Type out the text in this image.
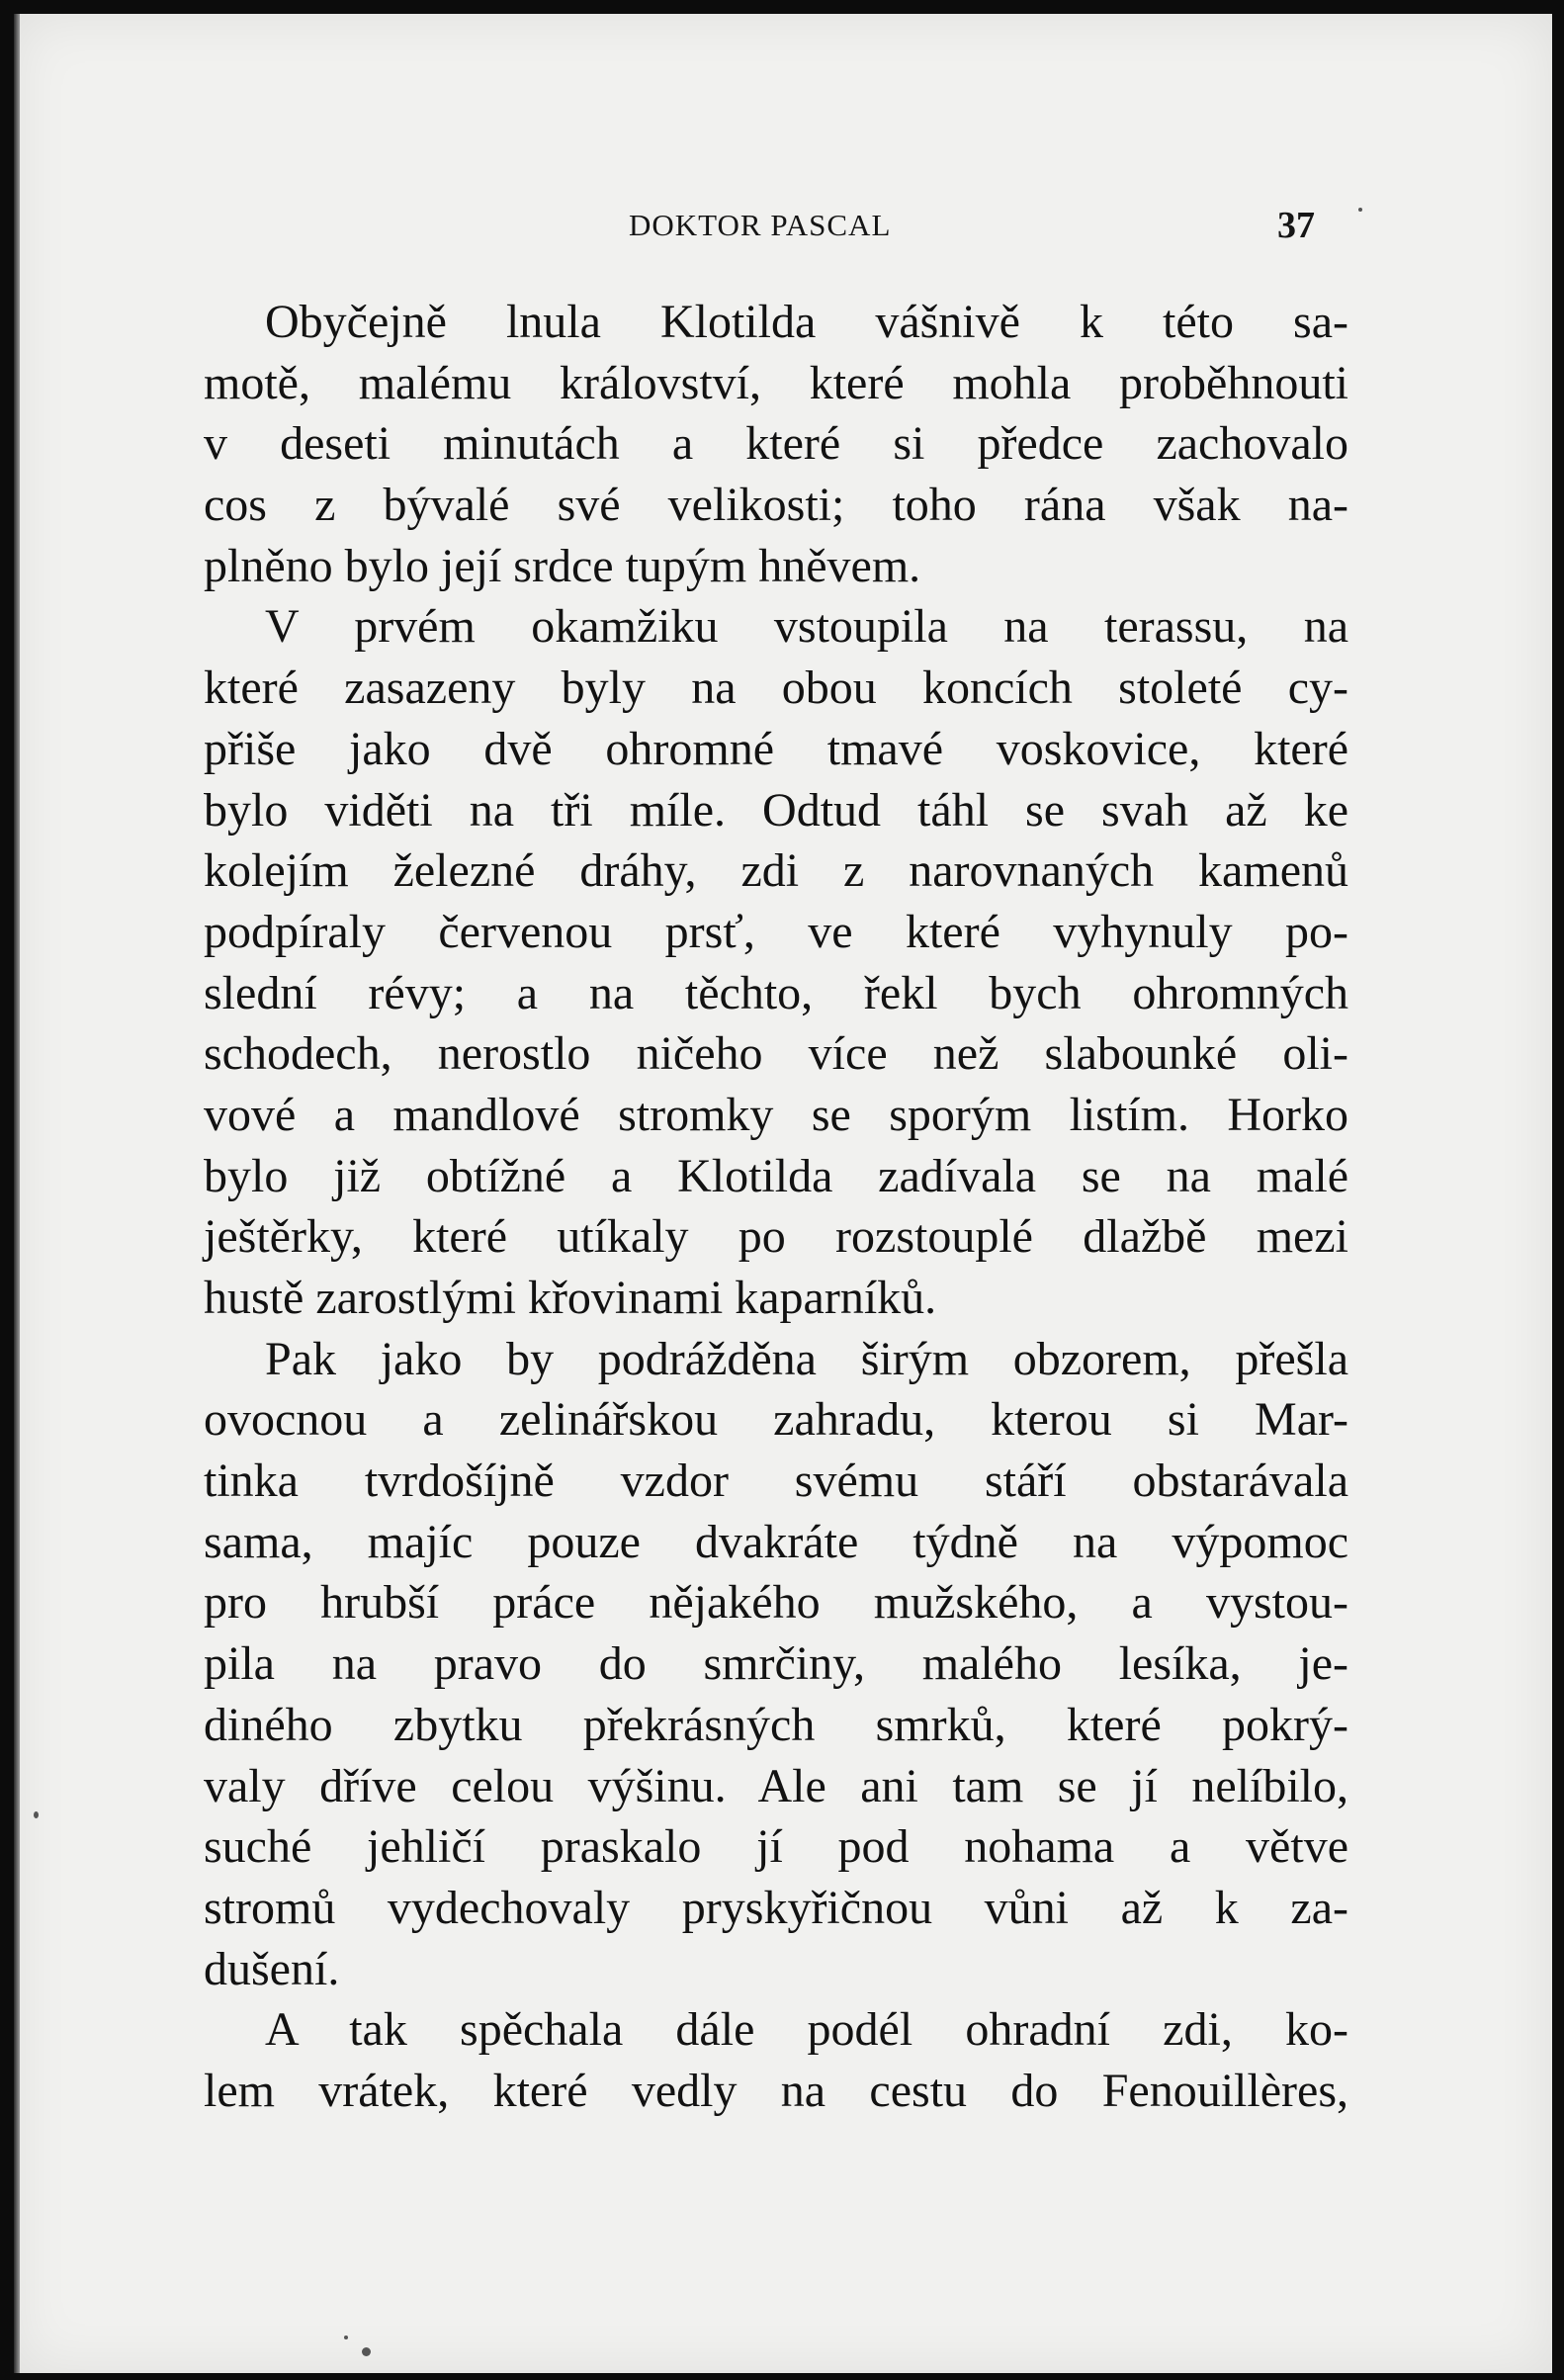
DOKTOR PASCAL	37
Obyčejně lnula Klotilda vášnivě k této sa-
motě, malému království, které mohla proběhnouti
v deseti minutách a které si předce zachovalo
cos z bývalé své velikosti; toho rána však na-
plněno bylo její srdce tupým hněvem.
V prvém okamžiku vstoupila na terassu, na
které zasazeny byly na obou koncích stoleté cy-
přiše jako dvě ohromné tmavé voskovice, které
bylo viděti na tři míle. Odtud táhl se svah až ke
kolejím železné dráhy, zdi z narovnaných kamenů
podpíraly červenou prsť, ve které vyhynuly po-
slední révy; a na těchto, řekl bych ohromných
schodech, nerostlo ničeho více než slabounké oli-
vové a mandlové stromky se sporým listím. Horko
bylo již obtížné a Klotilda zadívala se na malé
ještěrky, které utíkaly po rozstouplé dlažbě mezi
hustě zarostlými křovinami kaparníků.
Pak jako by podrážděna širým obzorem, přešla
ovocnou a zelinářskou zahradu, kterou si Mar-
tinka tvrdošíjně vzdor svému stáří obstarávala
sama, majíc pouze dvakráte týdně na výpomoc
pro hrubší práce nějakého mužského, a vystou-
pila na pravo do smrčiny, malého lesíka, je-
diného zbytku překrásných smrků, které pokrý-
valy dříve celou výšinu. Ale ani tam se jí nelíbilo,
suché jehličí praskalo jí pod nohama a větve
stromů vydechovaly pryskyřičnou vůni až k za-
dušení.
A tak spěchala dále podél ohradní zdi, ko-
lem vrátek, které vedly na cestu do Fenouillères,
